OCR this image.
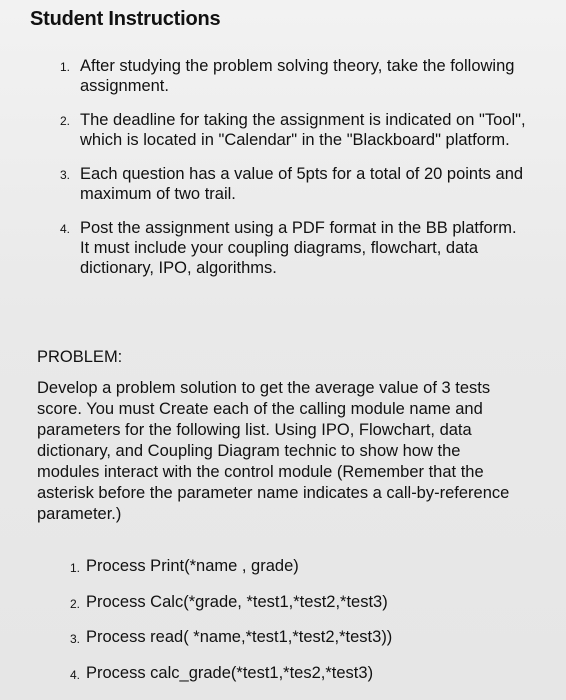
Student Instructions
1. After studying the problem solving theory, take the following assignment.
2. The deadline for taking the assignment is indicated on "Tool", which is located in "Calendar" in the "Blackboard" platform.
3. Each question has a value of 5pts for a total of 20 points and maximum of two trail.
4. Post the assignment using a PDF format in the BB platform. It must include your coupling diagrams, flowchart, data dictionary, IPO, algorithms.
PROBLEM:

Develop a problem solution to get the average value of 3 tests score. You must Create each of the calling module name and parameters for the following list. Using IPO, Flowchart, data dictionary, and Coupling Diagram technic to show how the modules interact with the control module (Remember that the asterisk before the parameter name indicates a call-by-reference parameter.)

1. Process Print(*name , grade)
2. Process Calc(*grade, *test1,*test2,*test3)
3. Process read( *name,*test1,*test2,*test3))
4. Process calc_grade(*test1,*tes2,*test3)
